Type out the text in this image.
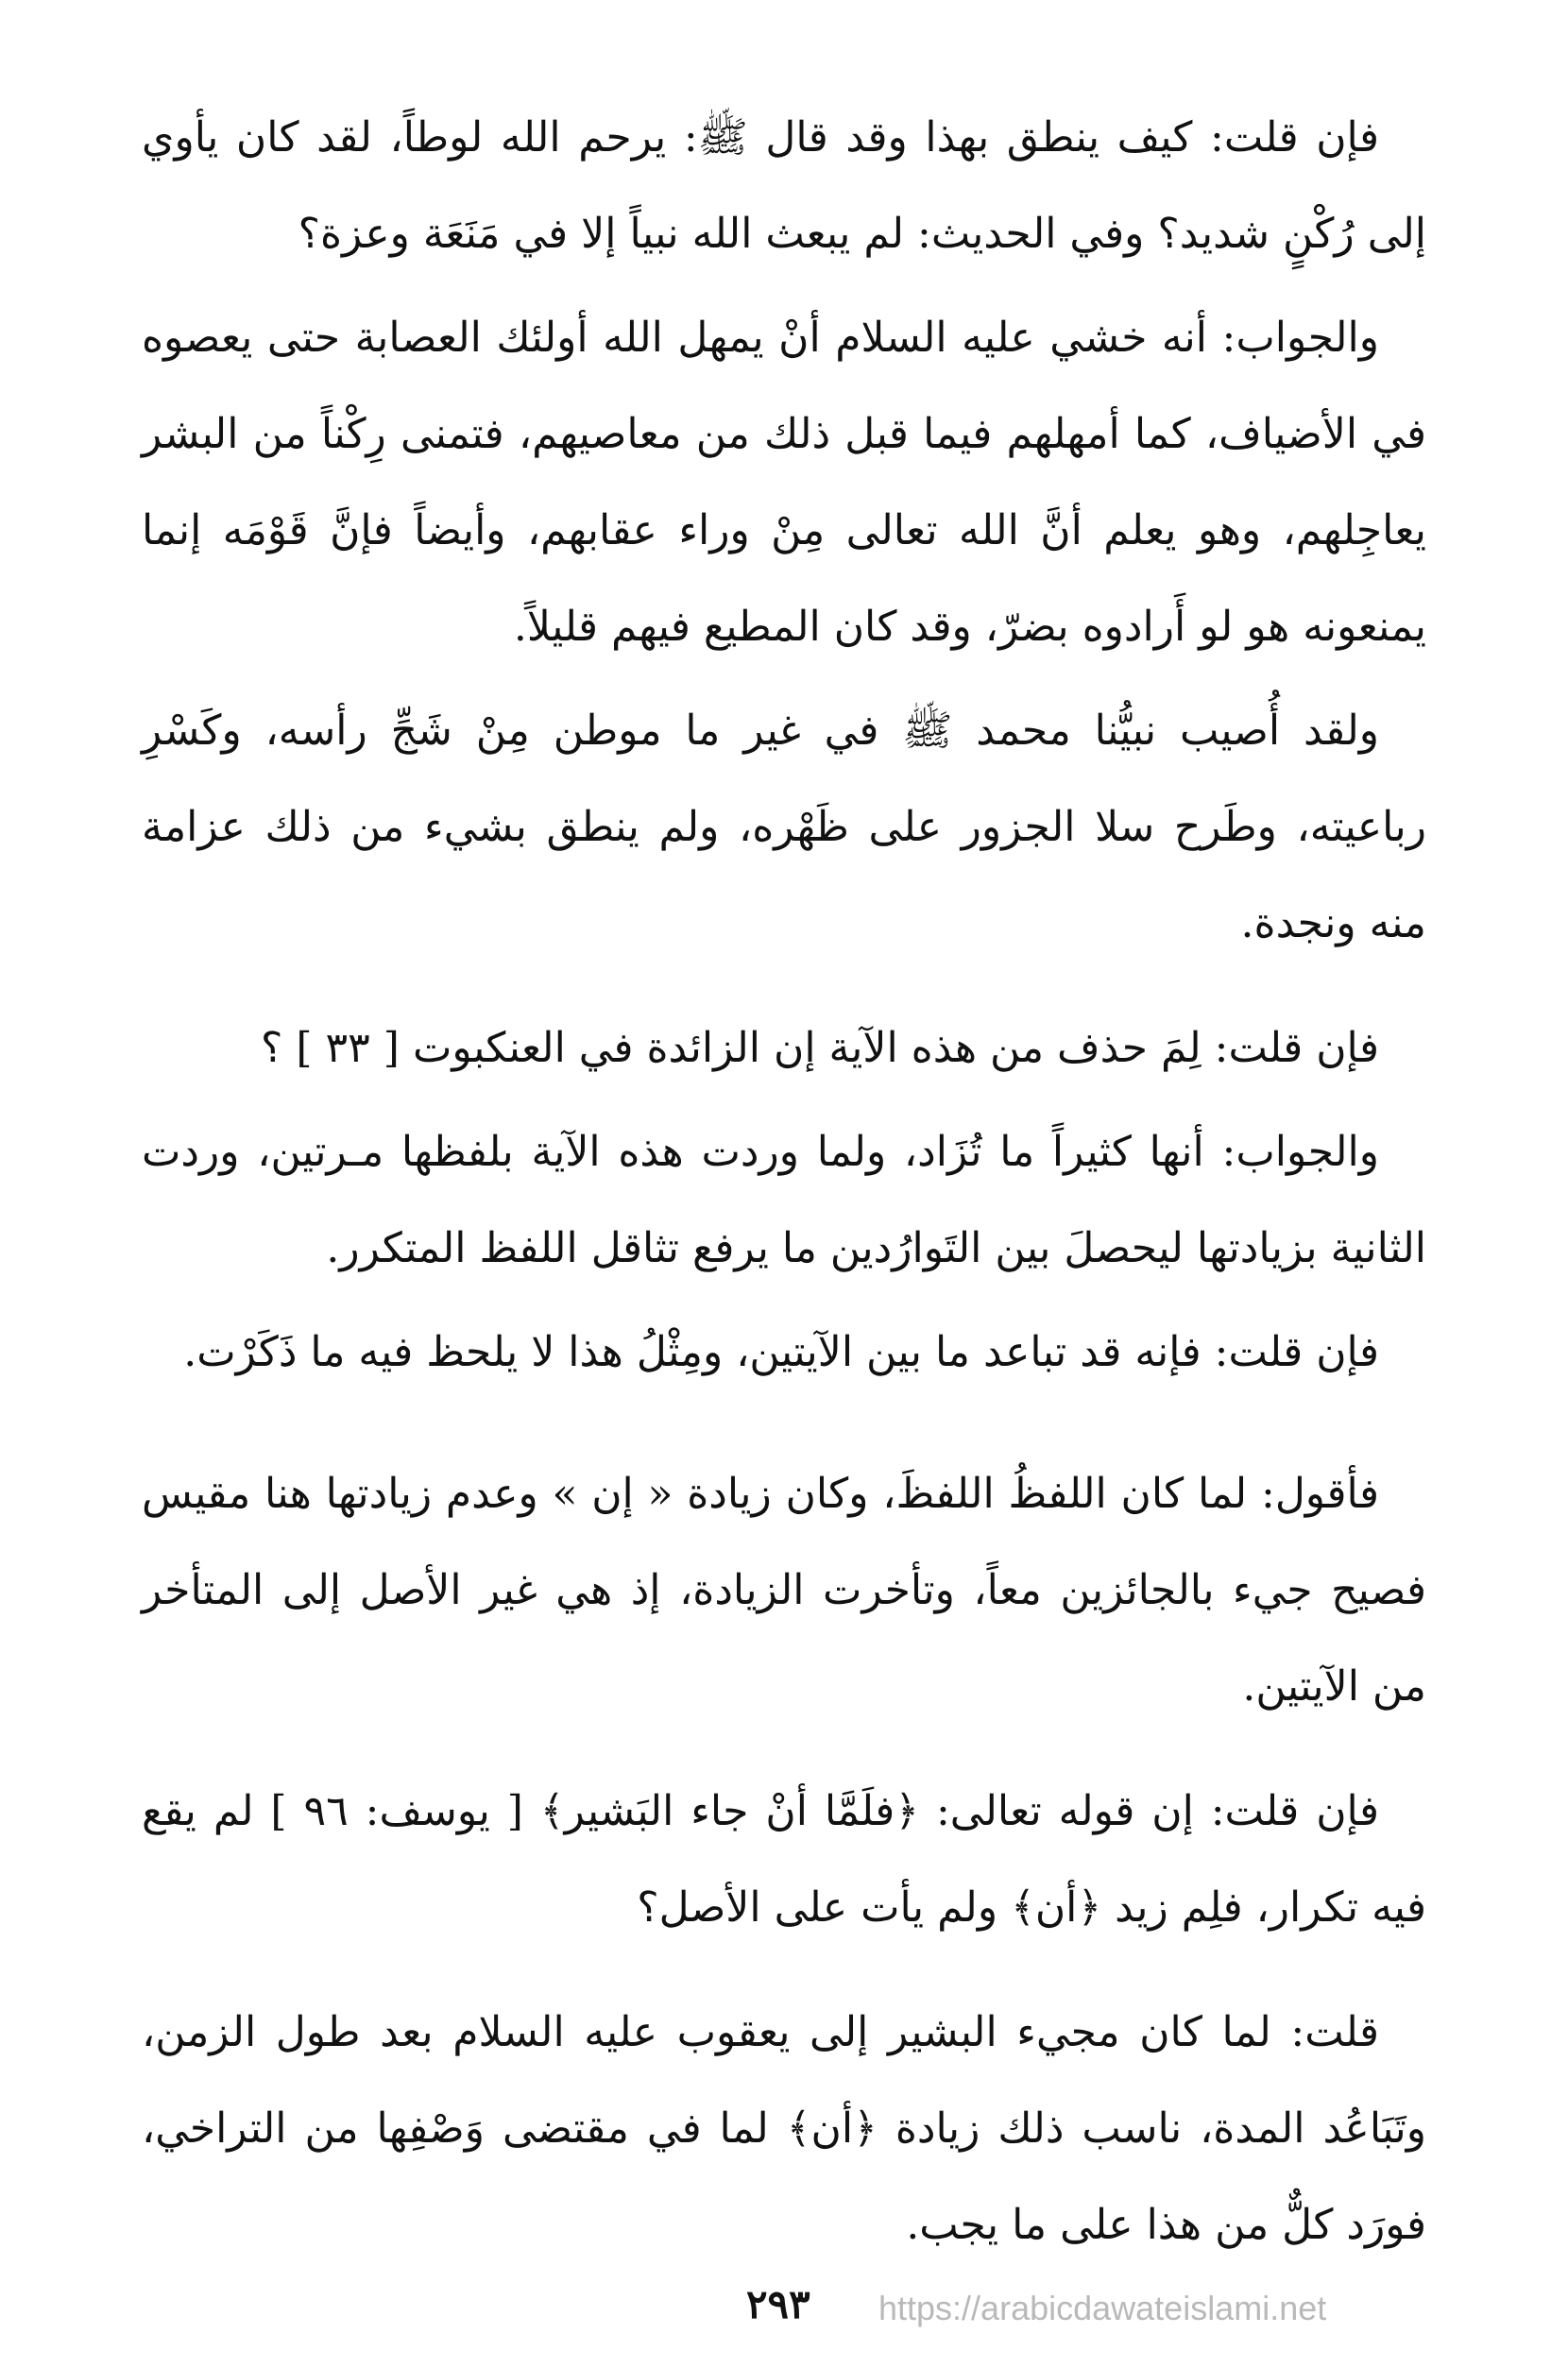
فإن قلت: كيف ينطق بهذا وقد قال ﷺ: يرحم الله لوطاً، لقد كان يأوي إلى رُكْنٍ شديد؟ وفي الحديث: لم يبعث الله نبياً إلا في مَنَعَة وعزة؟

والجواب: أنه خشي عليه السلام أنْ يمهل الله أولئك العصابة حتى يعصوه في الأضياف، كما أمهلهم فيما قبل ذلك من معاصيهم، فتمنى رِكْناً من البشر يعاجِلهم، وهو يعلم أنَّ الله تعالى مِنْ وراء عقابهم، وأيضاً فإنَّ قَوْمَه إنما يمنعونه هو لو أَرادوه بضرّ، وقد كان المطيع فيهم قليلاً.

ولقد أُصيب نبيُّنا محمد ﷺ في غير ما موطن مِنْ شَجِّ رأسه، وكَسْرِ رباعيته، وطَرح سلا الجزور على ظَهْره، ولم ينطق بشيء من ذلك عزامة منه ونجدة.

فإن قلت: لِمَ حذف من هذه الآية إن الزائدة في العنكبوت [ ٣٣ ] ؟

والجواب: أنها كثيراً ما تُزَاد، ولما وردت هذه الآية بلفظها مـرتين، وردت الثانية بزيادتها ليحصلَ بين التَوارُدين ما يرفع تثاقل اللفظ المتكرر.

فإن قلت: فإنه قد تباعد ما بين الآيتين، ومِثْلُ هذا لا يلحظ فيه ما ذَكَرْت.

فأقول: لما كان اللفظُ اللفظَ، وكان زيادة « إن » وعدم زيادتها هنا مقيس فصيح جيء بالجائزين معاً، وتأخرت الزيادة، إذ هي غير الأصل إلى المتأخر من الآيتين.

فإن قلت: إن قوله تعالى: ﴿فلَمَّا أنْ جاء البَشير﴾ [ يوسف: ٩٦ ] لم يقع فيه تكرار، فلِم زيد ﴿أن﴾ ولم يأت على الأصل؟

قلت: لما كان مجيء البشير إلى يعقوب عليه السلام بعد طول الزمن، وتَبَاعُد المدة، ناسب ذلك زيادة ﴿أن﴾ لما في مقتضى وَصْفِها من التراخي، فورَد كلٌّ من هذا على ما يجب.

٢٩٣ https://arabicdawateislami.net
